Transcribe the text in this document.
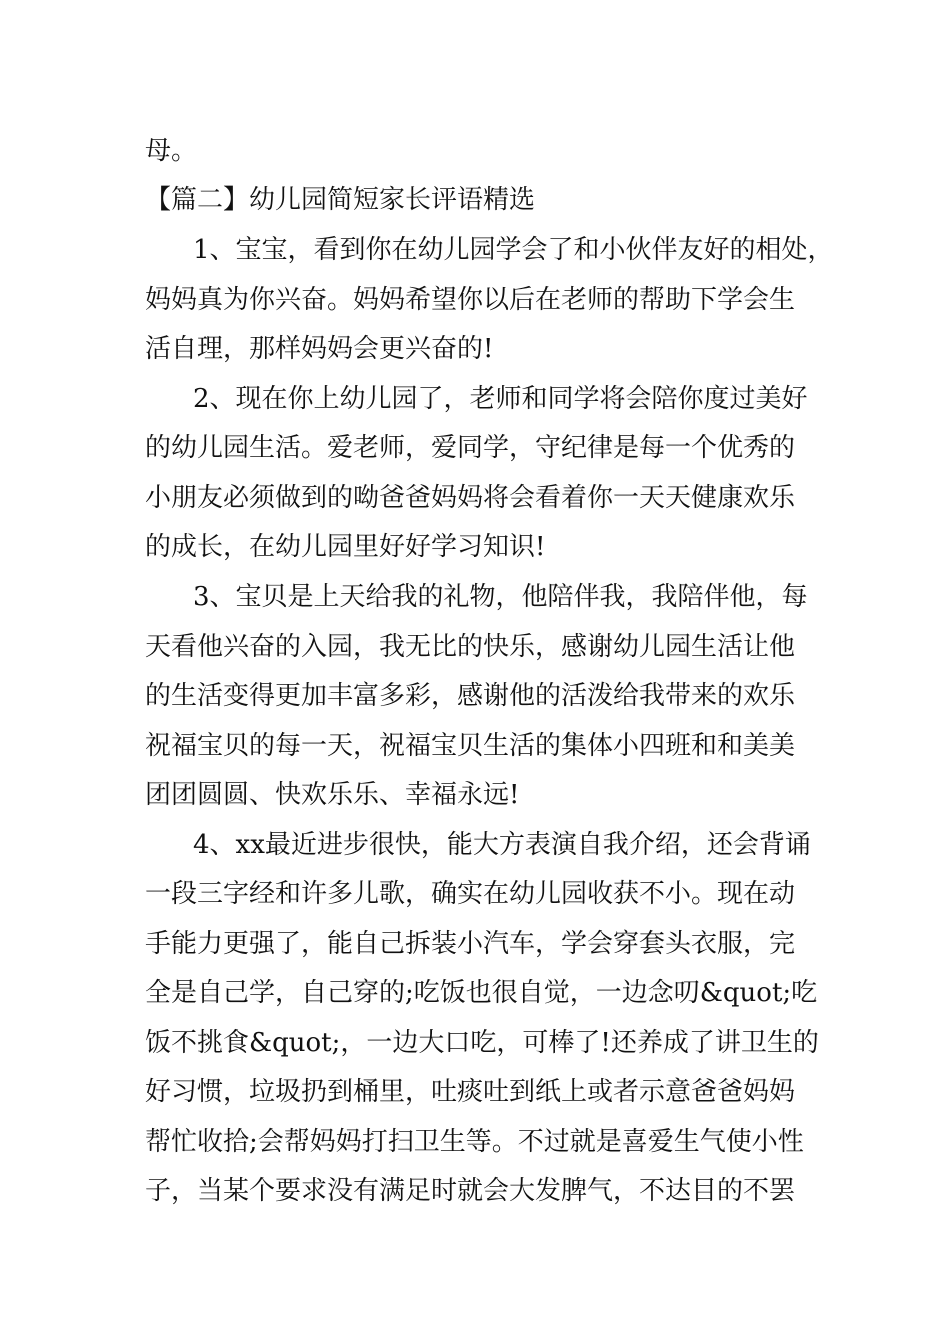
母。
【篇二】幼儿园简短家长评语精选
1、宝宝，看到你在幼儿园学会了和小伙伴友好的相处，
妈妈真为你兴奋。妈妈希望你以后在老师的帮助下学会生
活自理，那样妈妈会更兴奋的!
2、现在你上幼儿园了，老师和同学将会陪你度过美好
的幼儿园生活。爱老师，爱同学，守纪律是每一个优秀的
小朋友必须做到的呦爸爸妈妈将会看着你一天天健康欢乐
的成长，在幼儿园里好好学习知识!
3、宝贝是上天给我的礼物，他陪伴我，我陪伴他，每
天看他兴奋的入园，我无比的快乐，感谢幼儿园生活让他
的生活变得更加丰富多彩，感谢他的活泼给我带来的欢乐
祝福宝贝的每一天，祝福宝贝生活的集体小四班和和美美
团团圆圆、快欢乐乐、幸福永远!
4、xx最近进步很快，能大方表演自我介绍，还会背诵
一段三字经和许多儿歌，确实在幼儿园收获不小。现在动
手能力更强了，能自己拆装小汽车，学会穿套头衣服，完
全是自己学，自己穿的;吃饭也很自觉，一边念叨&quot;吃
饭不挑食&quot;，一边大口吃，可棒了!还养成了讲卫生的
好习惯，垃圾扔到桶里，吐痰吐到纸上或者示意爸爸妈妈
帮忙收拾;会帮妈妈打扫卫生等。不过就是喜爱生气使小性
子，当某个要求没有满足时就会大发脾气，不达目的不罢
